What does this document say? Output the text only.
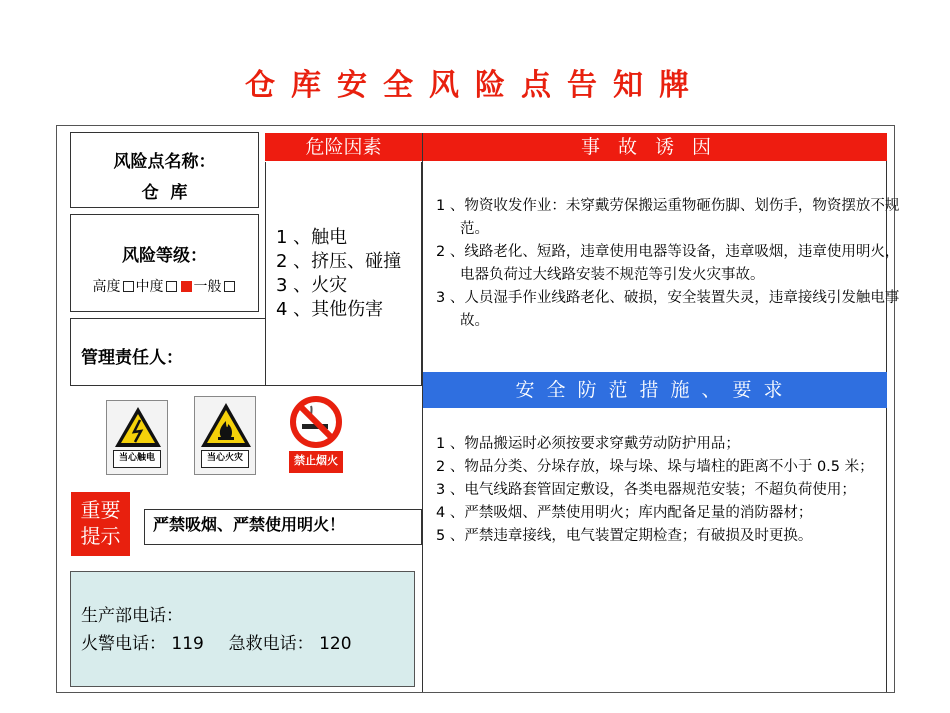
仓库安全风险点告知牌
风险点名称：
仓  库
风险等级：
高度 中度 一般
管理责任人：
危险因素
1 、触电
2 、挤压、碰撞
3 、火灾
4 、其他伤害
事故诱因
1 、物资收发作业：未穿戴劳保搬运重物砸伤脚、划伤手，物资摆放不规范。
2 、线路老化、短路，违章使用电器等设备，违章吸烟，违章使用明火，电器负荷过大线路安装不规范等引发火灾事故。
3 、人员湿手作业线路老化、破损，安全装置失灵，违章接线引发触电事故。
安全防范措施、要求
1 、物品搬运时必须按要求穿戴劳动防护用品；
2 、物品分类、分垛存放，垛与垛、垛与墙柱的距离不小于 0.5 米；
3 、电气线路套管固定敷设，各类电器规范安装；不超负荷使用；
4 、严禁吸烟、严禁使用明火；库内配备足量的消防器材；
5 、严禁违章接线，电气装置定期检查；有破损及时更换。
当心触电	当心火灾	禁止烟火
重要提示	严禁吸烟、严禁使用明火！
生产部电话：
火警电话： 119 急救电话： 120
